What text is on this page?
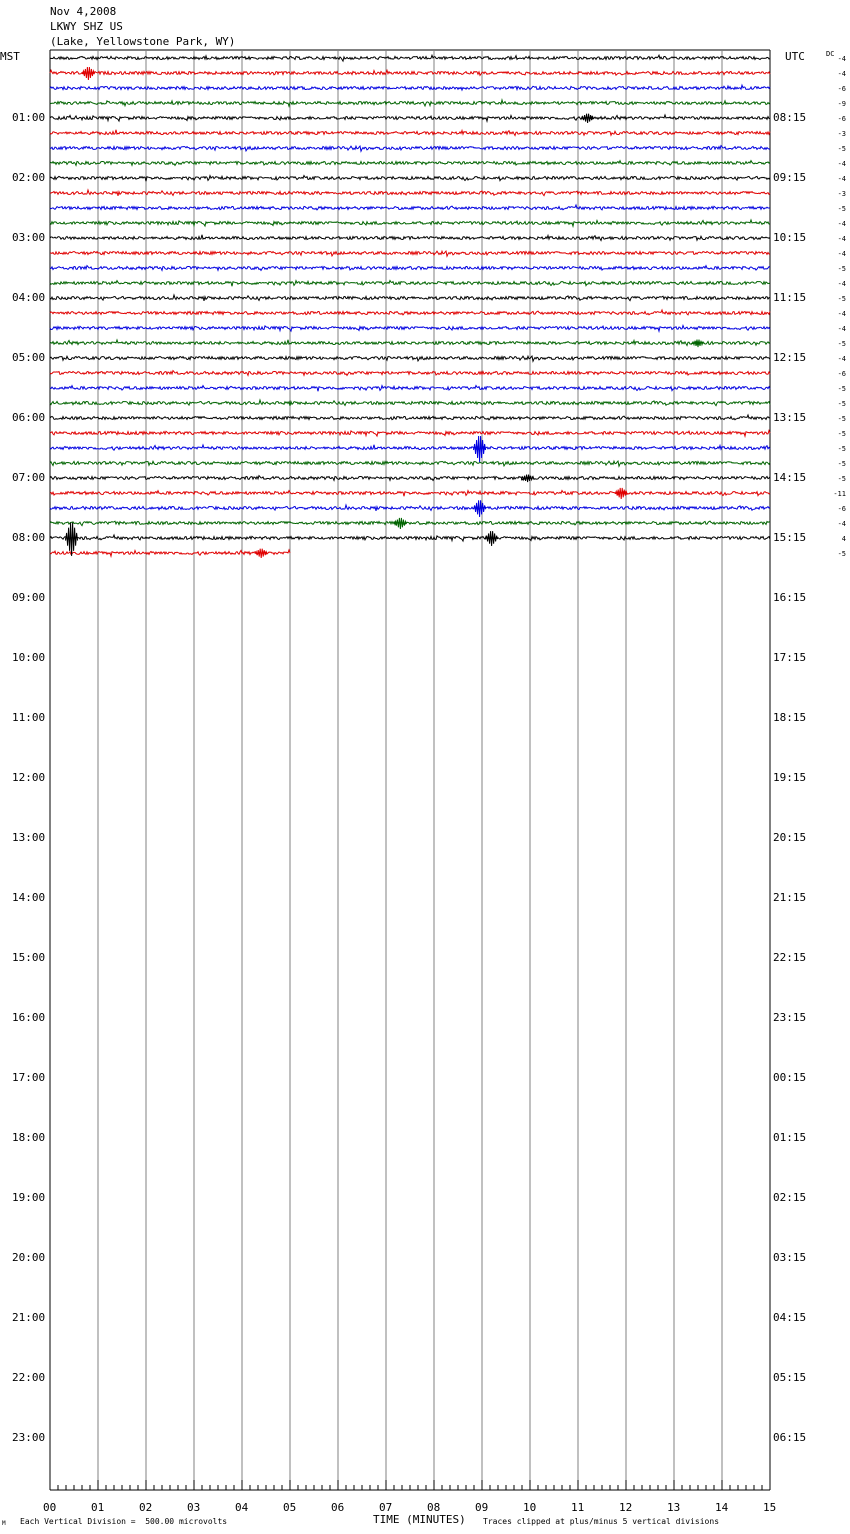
Nov 4,2008
LKWY SHZ US
(Lake, Yellowstone Park, WY)
MST	UTC	DC
00	01	02	03	04	05	06	07	08	09	10	11	12	13	14	15
01:00
02:00
03:00
04:00
05:00
06:00
07:00
08:00
09:00
10:00
11:00
12:00
13:00
14:00
15:00
16:00
17:00
18:00
19:00
20:00
21:00
22:00
23:00
08:15
09:15
10:15
11:15
12:15
13:15
14:15
15:15
16:15
17:15
18:15
19:15
20:15
21:15
22:15
23:15
00:15
01:15
02:15
03:15
04:15
05:15
06:15
-4
-4
-6
-9
-6
-3
-5
-4
-4
-3
-5
-4
-4
-4
-5
-4
-5
-4
-4
-5
-4
-6
-5
-5
-5
-5
-5
-5
-5
-11
-6
-4
4
-5
M Each Vertical Division =  500.00 microvolts	TIME (MINUTES) Traces clipped at plus/minus 5 vertical divisions
